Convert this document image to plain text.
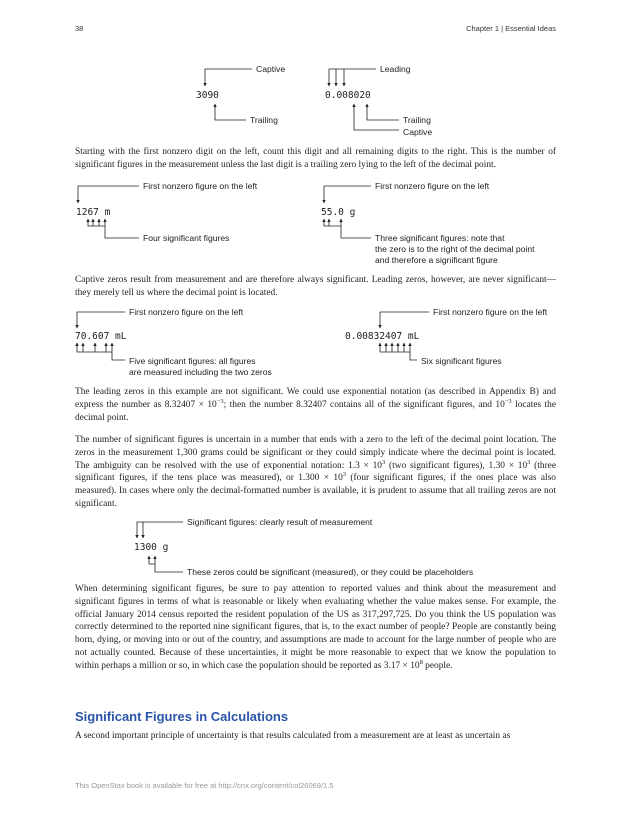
38	Chapter 1 | Essential Ideas
3090
Captive
Trailing
0.008020
Leading
Trailing
Captive

Starting with the first nonzero digit on the left, count this digit and all remaining digits to the right. This is the number of significant figures in the measurement unless the last digit is a trailing zero lying to the left of the decimal point.

First nonzero figure on the left
1267 m
Four significant figures
First nonzero figure on the left
55.0 g
Three significant figures: note that
the zero is to the right of the decimal point
and therefore a significant figure

Captive zeros result from measurement and are therefore always significant. Leading zeros, however, are never significant—they merely tell us where the decimal point is located.

First nonzero figure on the left
70.607 mL
Five significant figures: all figures
are measured including the two zeros
First nonzero figure on the left
0.00832407 mL
Six significant figures

The leading zeros in this example are not significant. We could use exponential notation (as described in Appendix B) and express the number as $8.32407 \times 10^{-3}$; then the number 8.32407 contains all of the significant figures, and $10^{-3}$ locates the decimal point.

The number of significant figures is uncertain in a number that ends with a zero to the left of the decimal point location. The zeros in the measurement 1,300 grams could be significant or they could simply indicate where the decimal point is located. The ambiguity can be resolved with the use of exponential notation: $1.3 \times 10^3$ (two significant figures), $1.30 \times 10^3$ (three significant figures, if the tens place was measured), or $1.300 \times 10^3$ (four significant figures, if the ones place was also measured). In cases where only the decimal-formatted number is available, it is prudent to assume that all trailing zeros are not significant.

Significant figures: clearly result of measurement
1300 g
These zeros could be significant (measured), or they could be placeholders

When determining significant figures, be sure to pay attention to reported values and think about the measurement and significant figures in terms of what is reasonable or likely when evaluating whether the value makes sense. For example, the official January 2014 census reported the resident population of the US as 317,297,725. Do you think the US population was correctly determined to the reported nine significant figures, that is, to the exact number of people? People are constantly being born, dying, or moving into or out of the country, and assumptions are made to account for the large number of people who are not actually counted. Because of these uncertainties, it might be more reasonable to expect that we know the population to within perhaps a million or so, in which case the population should be reported as $3.17 \times 10^8$ people.

Significant Figures in Calculations

A second important principle of uncertainty is that results calculated from a measurement are at least as uncertain as

This OpenStax book is available for free at http://cnx.org/content/col26069/1.5
